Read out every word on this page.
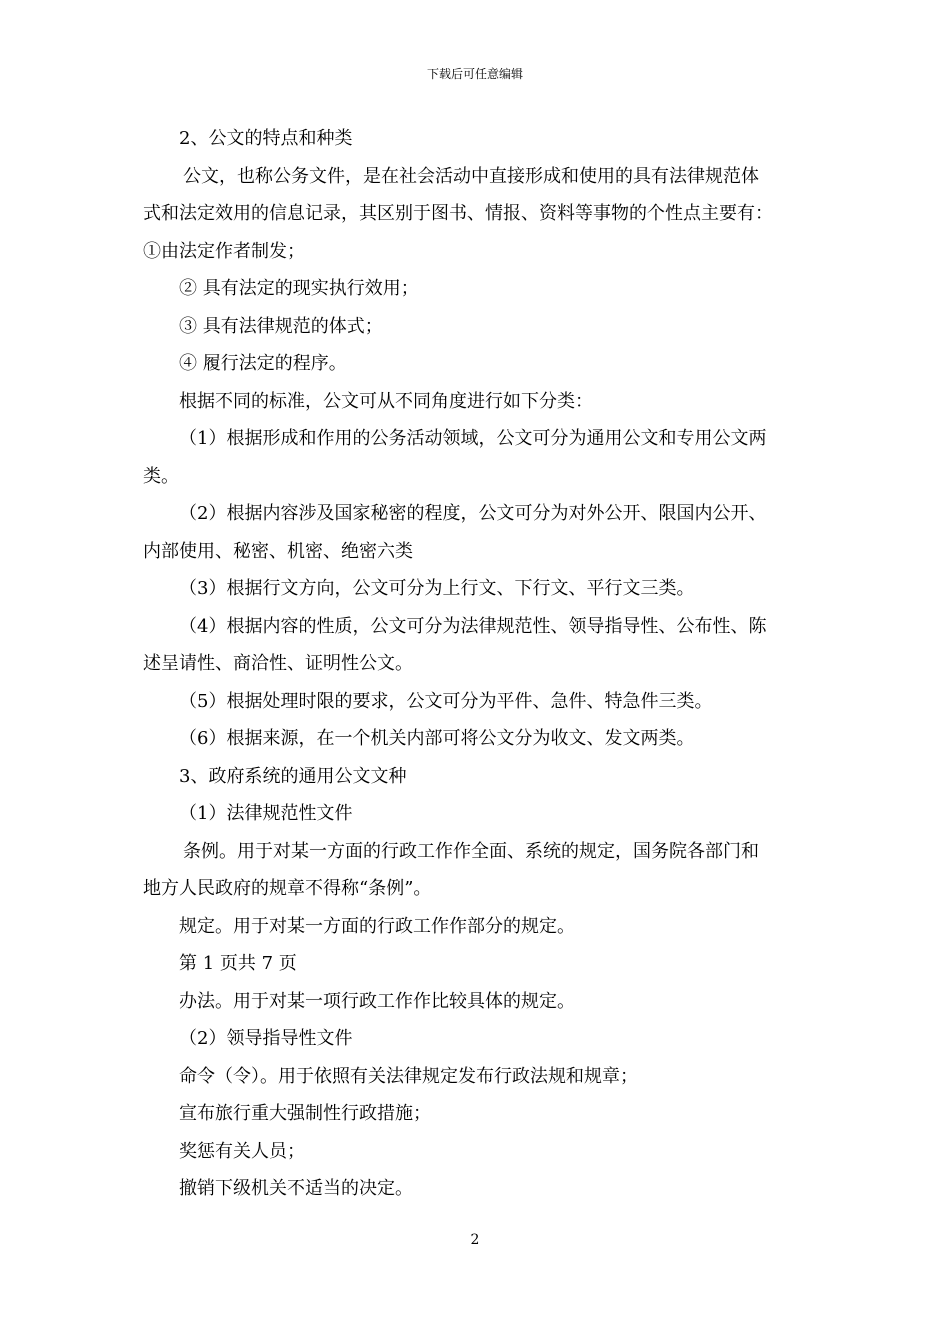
下载后可任意编辑
2、公文的特点和种类
公文，也称公务文件，是在社会活动中直接形成和使用的具有法律规范体
式和法定效用的信息记录，其区别于图书、情报、资料等事物的个性点主要有：
①由法定作者制发；
② 具有法定的现实执行效用；
③ 具有法律规范的体式；
④ 履行法定的程序。
根据不同的标准，公文可从不同角度进行如下分类：
（1）根据形成和作用的公务活动领域，公文可分为通用公文和专用公文两
类。
（2）根据内容涉及国家秘密的程度，公文可分为对外公开、限国内公开、
内部使用、秘密、机密、绝密六类
（3）根据行文方向，公文可分为上行文、下行文、平行文三类。
（4）根据内容的性质，公文可分为法律规范性、领导指导性、公布性、陈
述呈请性、商洽性、证明性公文。
（5）根据处理时限的要求，公文可分为平件、急件、特急件三类。
（6）根据来源，在一个机关内部可将公文分为收文、发文两类。
3、政府系统的通用公文文种
（1）法律规范性文件
条例。用于对某一方面的行政工作作全面、系统的规定，国务院各部门和
地方人民政府的规章不得称“条例”。
规定。用于对某一方面的行政工作作部分的规定。
第 1 页共 7 页
办法。用于对某一项行政工作作比较具体的规定。
（2）领导指导性文件
命令（令）。用于依照有关法律规定发布行政法规和规章；
宣布旅行重大强制性行政措施；
奖惩有关人员；
撤销下级机关不适当的决定。
2
